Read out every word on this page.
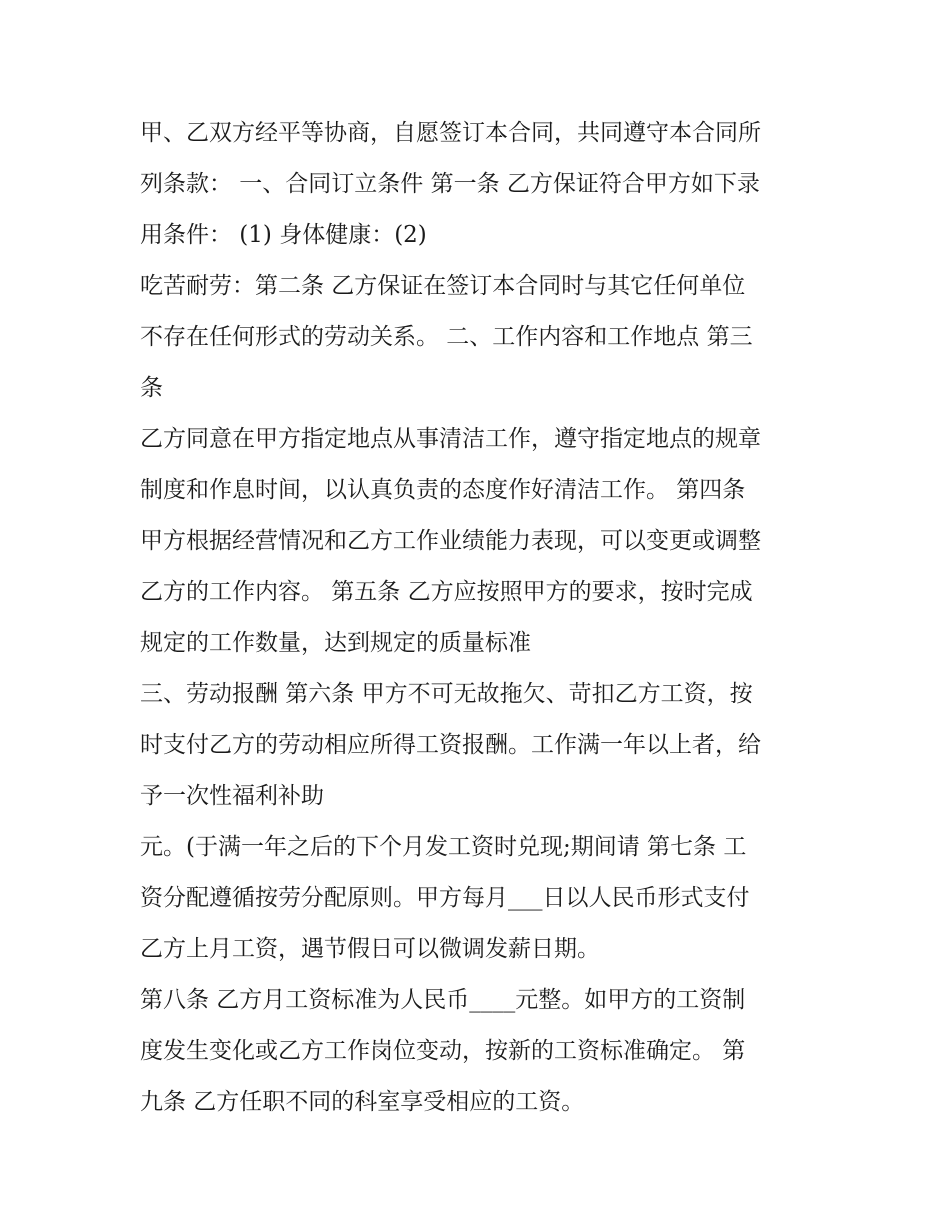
甲、乙双方经平等协商，自愿签订本合同，共同遵守本合同所
列条款： 一、合同订立条件 第一条 乙方保证符合甲方如下录
用条件： (1) 身体健康：(2)
吃苦耐劳：第二条 乙方保证在签订本合同时与其它任何单位
不存在任何形式的劳动关系。 二、工作内容和工作地点 第三
条
乙方同意在甲方指定地点从事清洁工作，遵守指定地点的规章
制度和作息时间，以认真负责的态度作好清洁工作。 第四条
甲方根据经营情况和乙方工作业绩能力表现，可以变更或调整
乙方的工作内容。 第五条 乙方应按照甲方的要求，按时完成
规定的工作数量，达到规定的质量标准
三、劳动报酬 第六条 甲方不可无故拖欠、苛扣乙方工资，按
时支付乙方的劳动相应所得工资报酬。工作满一年以上者，给
予一次性福利补助
元。(于满一年之后的下个月发工资时兑现;期间请 第七条 工
资分配遵循按劳分配原则。甲方每月___日以人民币形式支付
乙方上月工资，遇节假日可以微调发薪日期。
第八条 乙方月工资标准为人民币____元整。如甲方的工资制
度发生变化或乙方工作岗位变动，按新的工资标准确定。 第
九条 乙方任职不同的科室享受相应的工资。
